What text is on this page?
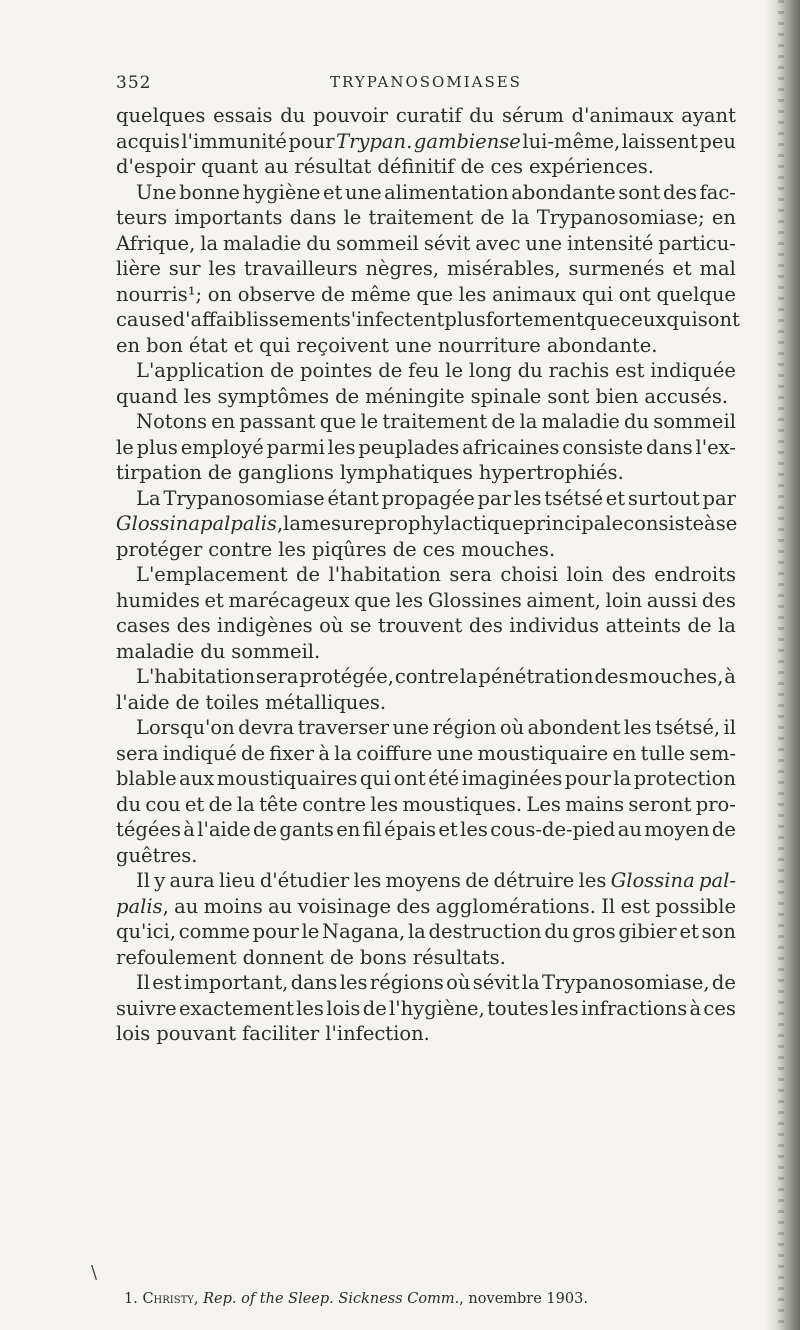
352	TRYPANOSOMIASES
quelques essais du pouvoir curatif du sérum d'animaux ayant
acquis l'immunité pour Trypan. gambiense lui-même, laissent peu
d'espoir quant au résultat définitif de ces expériences.
Une bonne hygiène et une alimentation abondante sont des fac-
teurs importants dans le traitement de la Trypanosomiase; en
Afrique, la maladie du sommeil sévit avec une intensité particu-
lière sur les travailleurs nègres, misérables, surmenés et mal
nourris¹; on observe de même que les animaux qui ont quelque
cause d'affaiblissement s'infectent plus fortement que ceux qui sont
en bon état et qui reçoivent une nourriture abondante.
L'application de pointes de feu le long du rachis est indiquée
quand les symptômes de méningite spinale sont bien accusés.
Notons en passant que le traitement de la maladie du sommeil
le plus employé parmi les peuplades africaines consiste dans l'ex-
tirpation de ganglions lymphatiques hypertrophiés.
La Trypanosomiase étant propagée par les tsétsé et surtout par
Glossina palpalis, la mesure prophylactique principale consiste à se
protéger contre les piqûres de ces mouches.
L'emplacement de l'habitation sera choisi loin des endroits
humides et marécageux que les Glossines aiment, loin aussi des
cases des indigènes où se trouvent des individus atteints de la
maladie du sommeil.
L'habitation sera protégée, contre la pénétration des mouches, à
l'aide de toiles métalliques.
Lorsqu'on devra traverser une région où abondent les tsétsé, il
sera indiqué de fixer à la coiffure une moustiquaire en tulle sem-
blable aux moustiquaires qui ont été imaginées pour la protection
du cou et de la tête contre les moustiques. Les mains seront pro-
tégées à l'aide de gants en fil épais et les cous-de-pied au moyen de
guêtres.
Il y aura lieu d'étudier les moyens de détruire les Glossina pal-
palis, au moins au voisinage des agglomérations. Il est possible
qu'ici, comme pour le Nagana, la destruction du gros gibier et son
refoulement donnent de bons résultats.
Il est important, dans les régions où sévit la Trypanosomiase, de
suivre exactement les lois de l'hygiène, toutes les infractions à ces
lois pouvant faciliter l'infection.
\
1. Christy, Rep. of the Sleep. Sickness Comm., novembre 1903.
